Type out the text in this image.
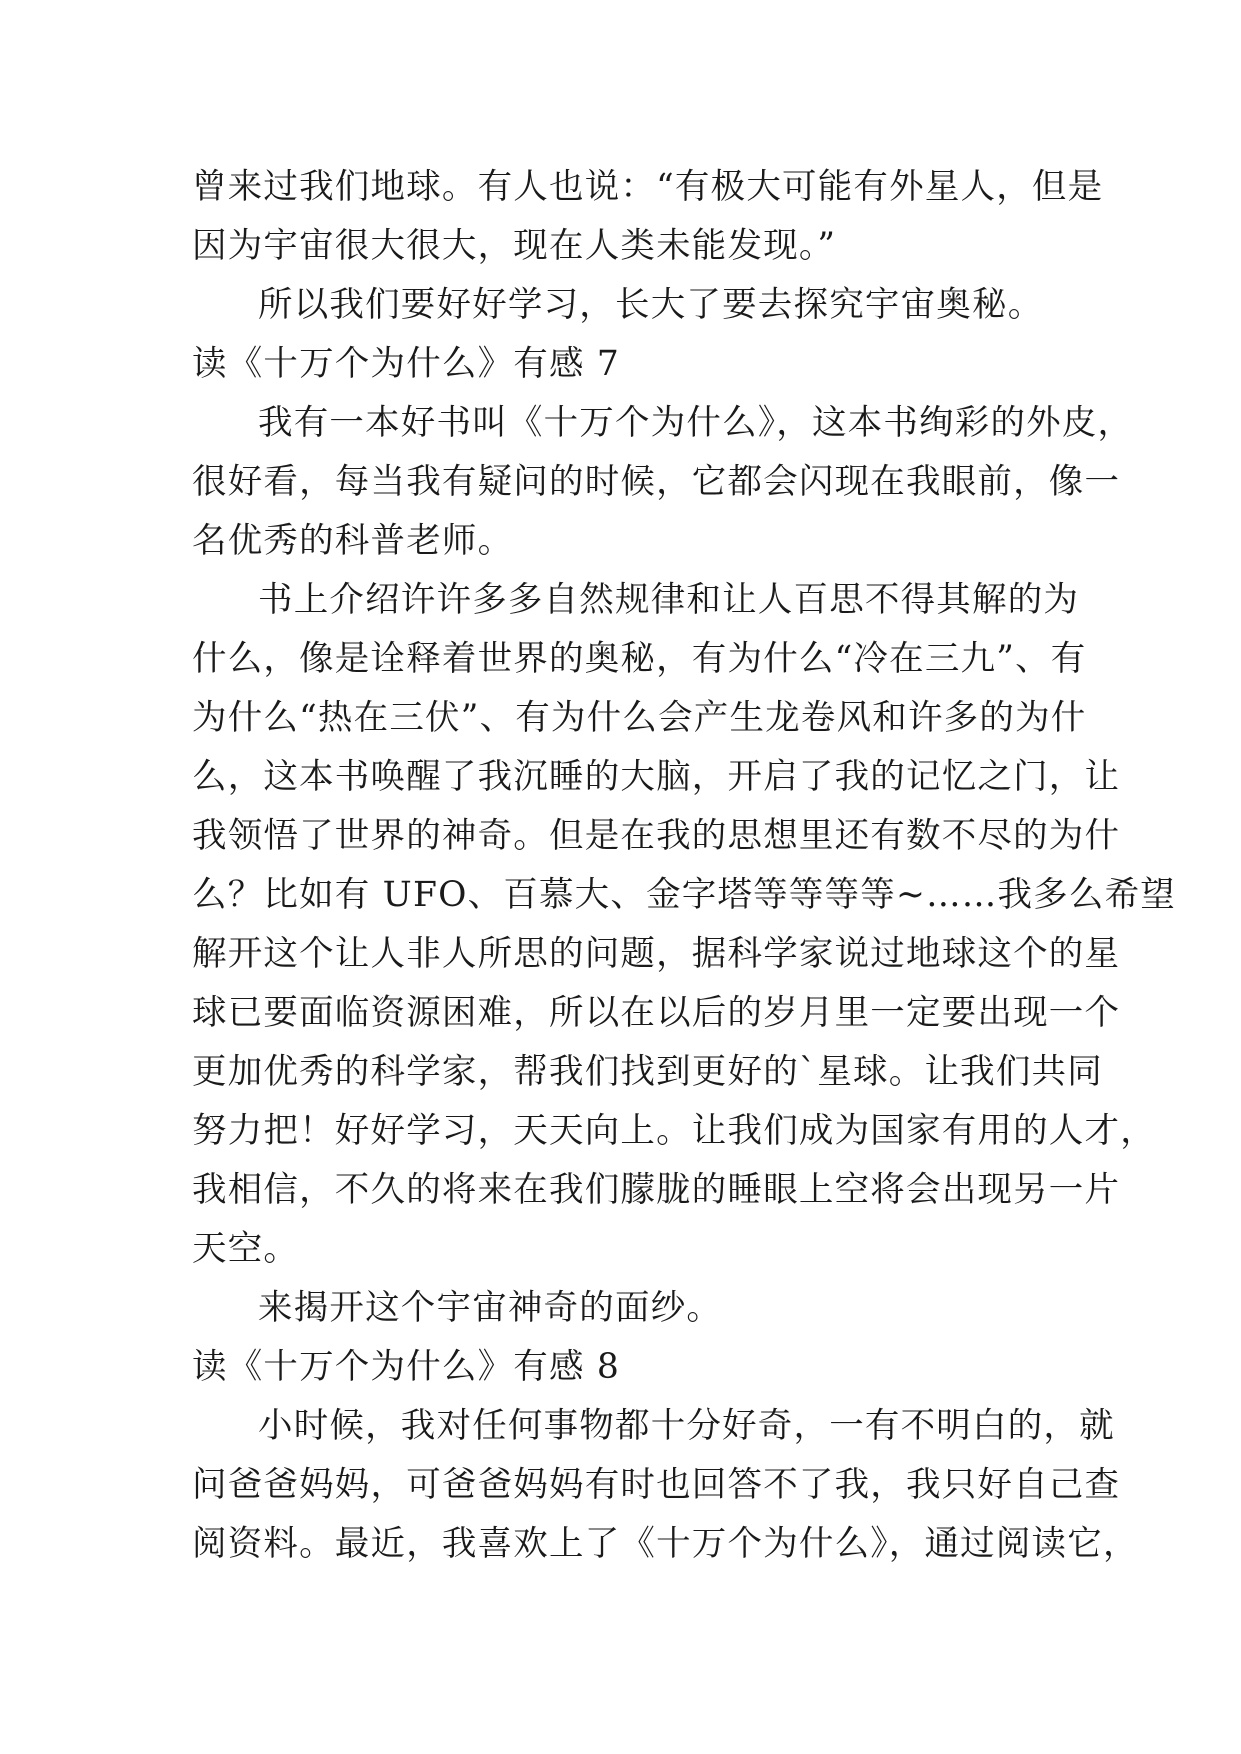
曾来过我们地球。有人也说：“有极大可能有外星人，但是
因为宇宙很大很大，现在人类未能发现。”
所以我们要好好学习，长大了要去探究宇宙奥秘。
读《十万个为什么》有感 7
我有一本好书叫《十万个为什么》，这本书绚彩的外皮，
很好看，每当我有疑问的时候，它都会闪现在我眼前，像一
名优秀的科普老师。
书上介绍许许多多自然规律和让人百思不得其解的为
什么，像是诠释着世界的奥秘，有为什么“冷在三九”、有
为什么“热在三伏”、有为什么会产生龙卷风和许多的为什
么，这本书唤醒了我沉睡的大脑，开启了我的记忆之门，让
我领悟了世界的神奇。但是在我的思想里还有数不尽的为什
么？比如有 UFO、百慕大、金字塔等等等等~……我多么希望
解开这个让人非人所思的问题，据科学家说过地球这个的星
球已要面临资源困难，所以在以后的岁月里一定要出现一个
更加优秀的科学家，帮我们找到更好的`星球。让我们共同
努力把！好好学习，天天向上。让我们成为国家有用的人才，
我相信，不久的将来在我们朦胧的睡眼上空将会出现另一片
天空。
来揭开这个宇宙神奇的面纱。
读《十万个为什么》有感 8
小时候，我对任何事物都十分好奇，一有不明白的，就
问爸爸妈妈，可爸爸妈妈有时也回答不了我，我只好自己查
阅资料。最近，我喜欢上了《十万个为什么》，通过阅读它，
